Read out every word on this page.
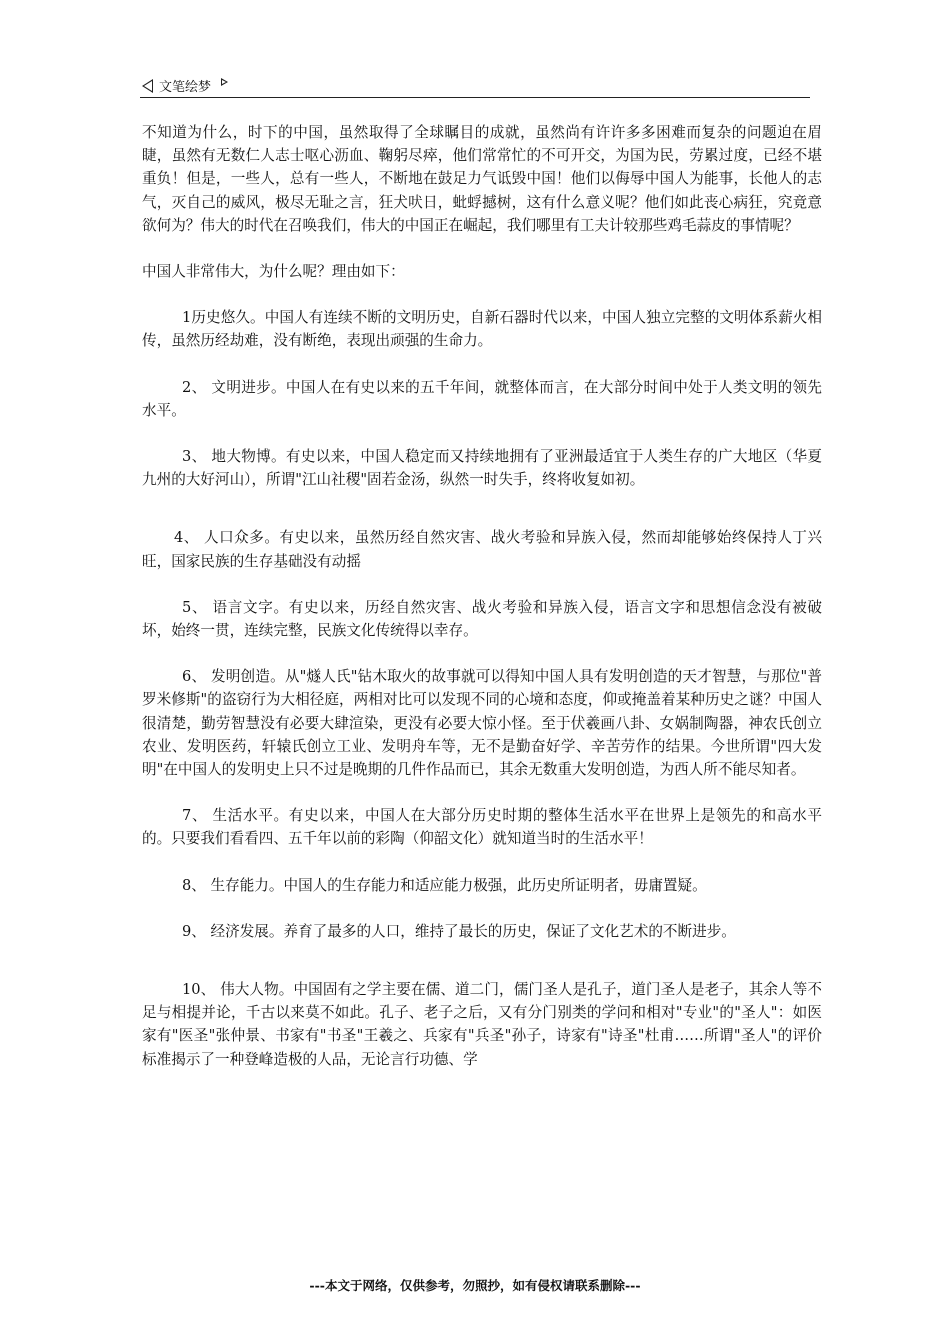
文笔绘梦

不知道为什么，时下的中国，虽然取得了全球瞩目的成就，虽然尚有许许多多困难而复杂的问题迫在眉睫，虽然有无数仁人志士呕心沥血、鞠躬尽瘁，他们常常忙的不可开交，为国为民，劳累过度，已经不堪重负！但是，一些人，总有一些人，不断地在鼓足力气诋毁中国！他们以侮辱中国人为能事，长他人的志气，灭自己的威风，极尽无耻之言，狂犬吠日，蚍蜉撼树，这有什么意义呢？他们如此丧心病狂，究竟意欲何为？伟大的时代在召唤我们，伟大的中国正在崛起，我们哪里有工夫计较那些鸡毛蒜皮的事情呢？

中国人非常伟大，为什么呢？理由如下：

1历史悠久。中国人有连续不断的文明历史，自新石器时代以来，中国人独立完整的文明体系薪火相传，虽然历经劫难，没有断绝，表现出顽强的生命力。

2、 文明进步。中国人在有史以来的五千年间，就整体而言，在大部分时间中处于人类文明的领先水平。

3、 地大物博。有史以来，中国人稳定而又持续地拥有了亚洲最适宜于人类生存的广大地区（华夏九州的大好河山），所谓"江山社稷"固若金汤，纵然一时失手，终将收复如初。

4、 人口众多。有史以来，虽然历经自然灾害、战火考验和异族入侵，然而却能够始终保持人丁兴旺，国家民族的生存基础没有动摇

5、 语言文字。有史以来，历经自然灾害、战火考验和异族入侵，语言文字和思想信念没有被破坏，始终一贯，连续完整，民族文化传统得以幸存。

6、 发明创造。从"燧人氏"钻木取火的故事就可以得知中国人具有发明创造的天才智慧，与那位"普罗米修斯"的盗窃行为大相径庭，两相对比可以发现不同的心境和态度，仰或掩盖着某种历史之谜？中国人很清楚，勤劳智慧没有必要大肆渲染，更没有必要大惊小怪。至于伏羲画八卦、女娲制陶器，神农氏创立农业、发明医药，轩辕氏创立工业、发明舟车等，无不是勤奋好学、辛苦劳作的结果。今世所谓"四大发明"在中国人的发明史上只不过是晚期的几件作品而已，其余无数重大发明创造，为西人所不能尽知者。

7、 生活水平。有史以来，中国人在大部分历史时期的整体生活水平在世界上是领先的和高水平的。只要我们看看四、五千年以前的彩陶（仰韶文化）就知道当时的生活水平！

8、 生存能力。中国人的生存能力和适应能力极强，此历史所证明者，毋庸置疑。

9、 经济发展。养育了最多的人口，维持了最长的历史，保证了文化艺术的不断进步。

10、 伟大人物。中国固有之学主要在儒、道二门，儒门圣人是孔子，道门圣人是老子，其余人等不足与相提并论，千古以来莫不如此。孔子、老子之后，又有分门别类的学问和相对"专业"的"圣人"：如医家有"医圣"张仲景、书家有"书圣"王羲之、兵家有"兵圣"孙子，诗家有"诗圣"杜甫……所谓"圣人"的评价标准揭示了一种登峰造极的人品，无论言行功德、学

---本文于网络，仅供参考，勿照抄，如有侵权请联系删除---
